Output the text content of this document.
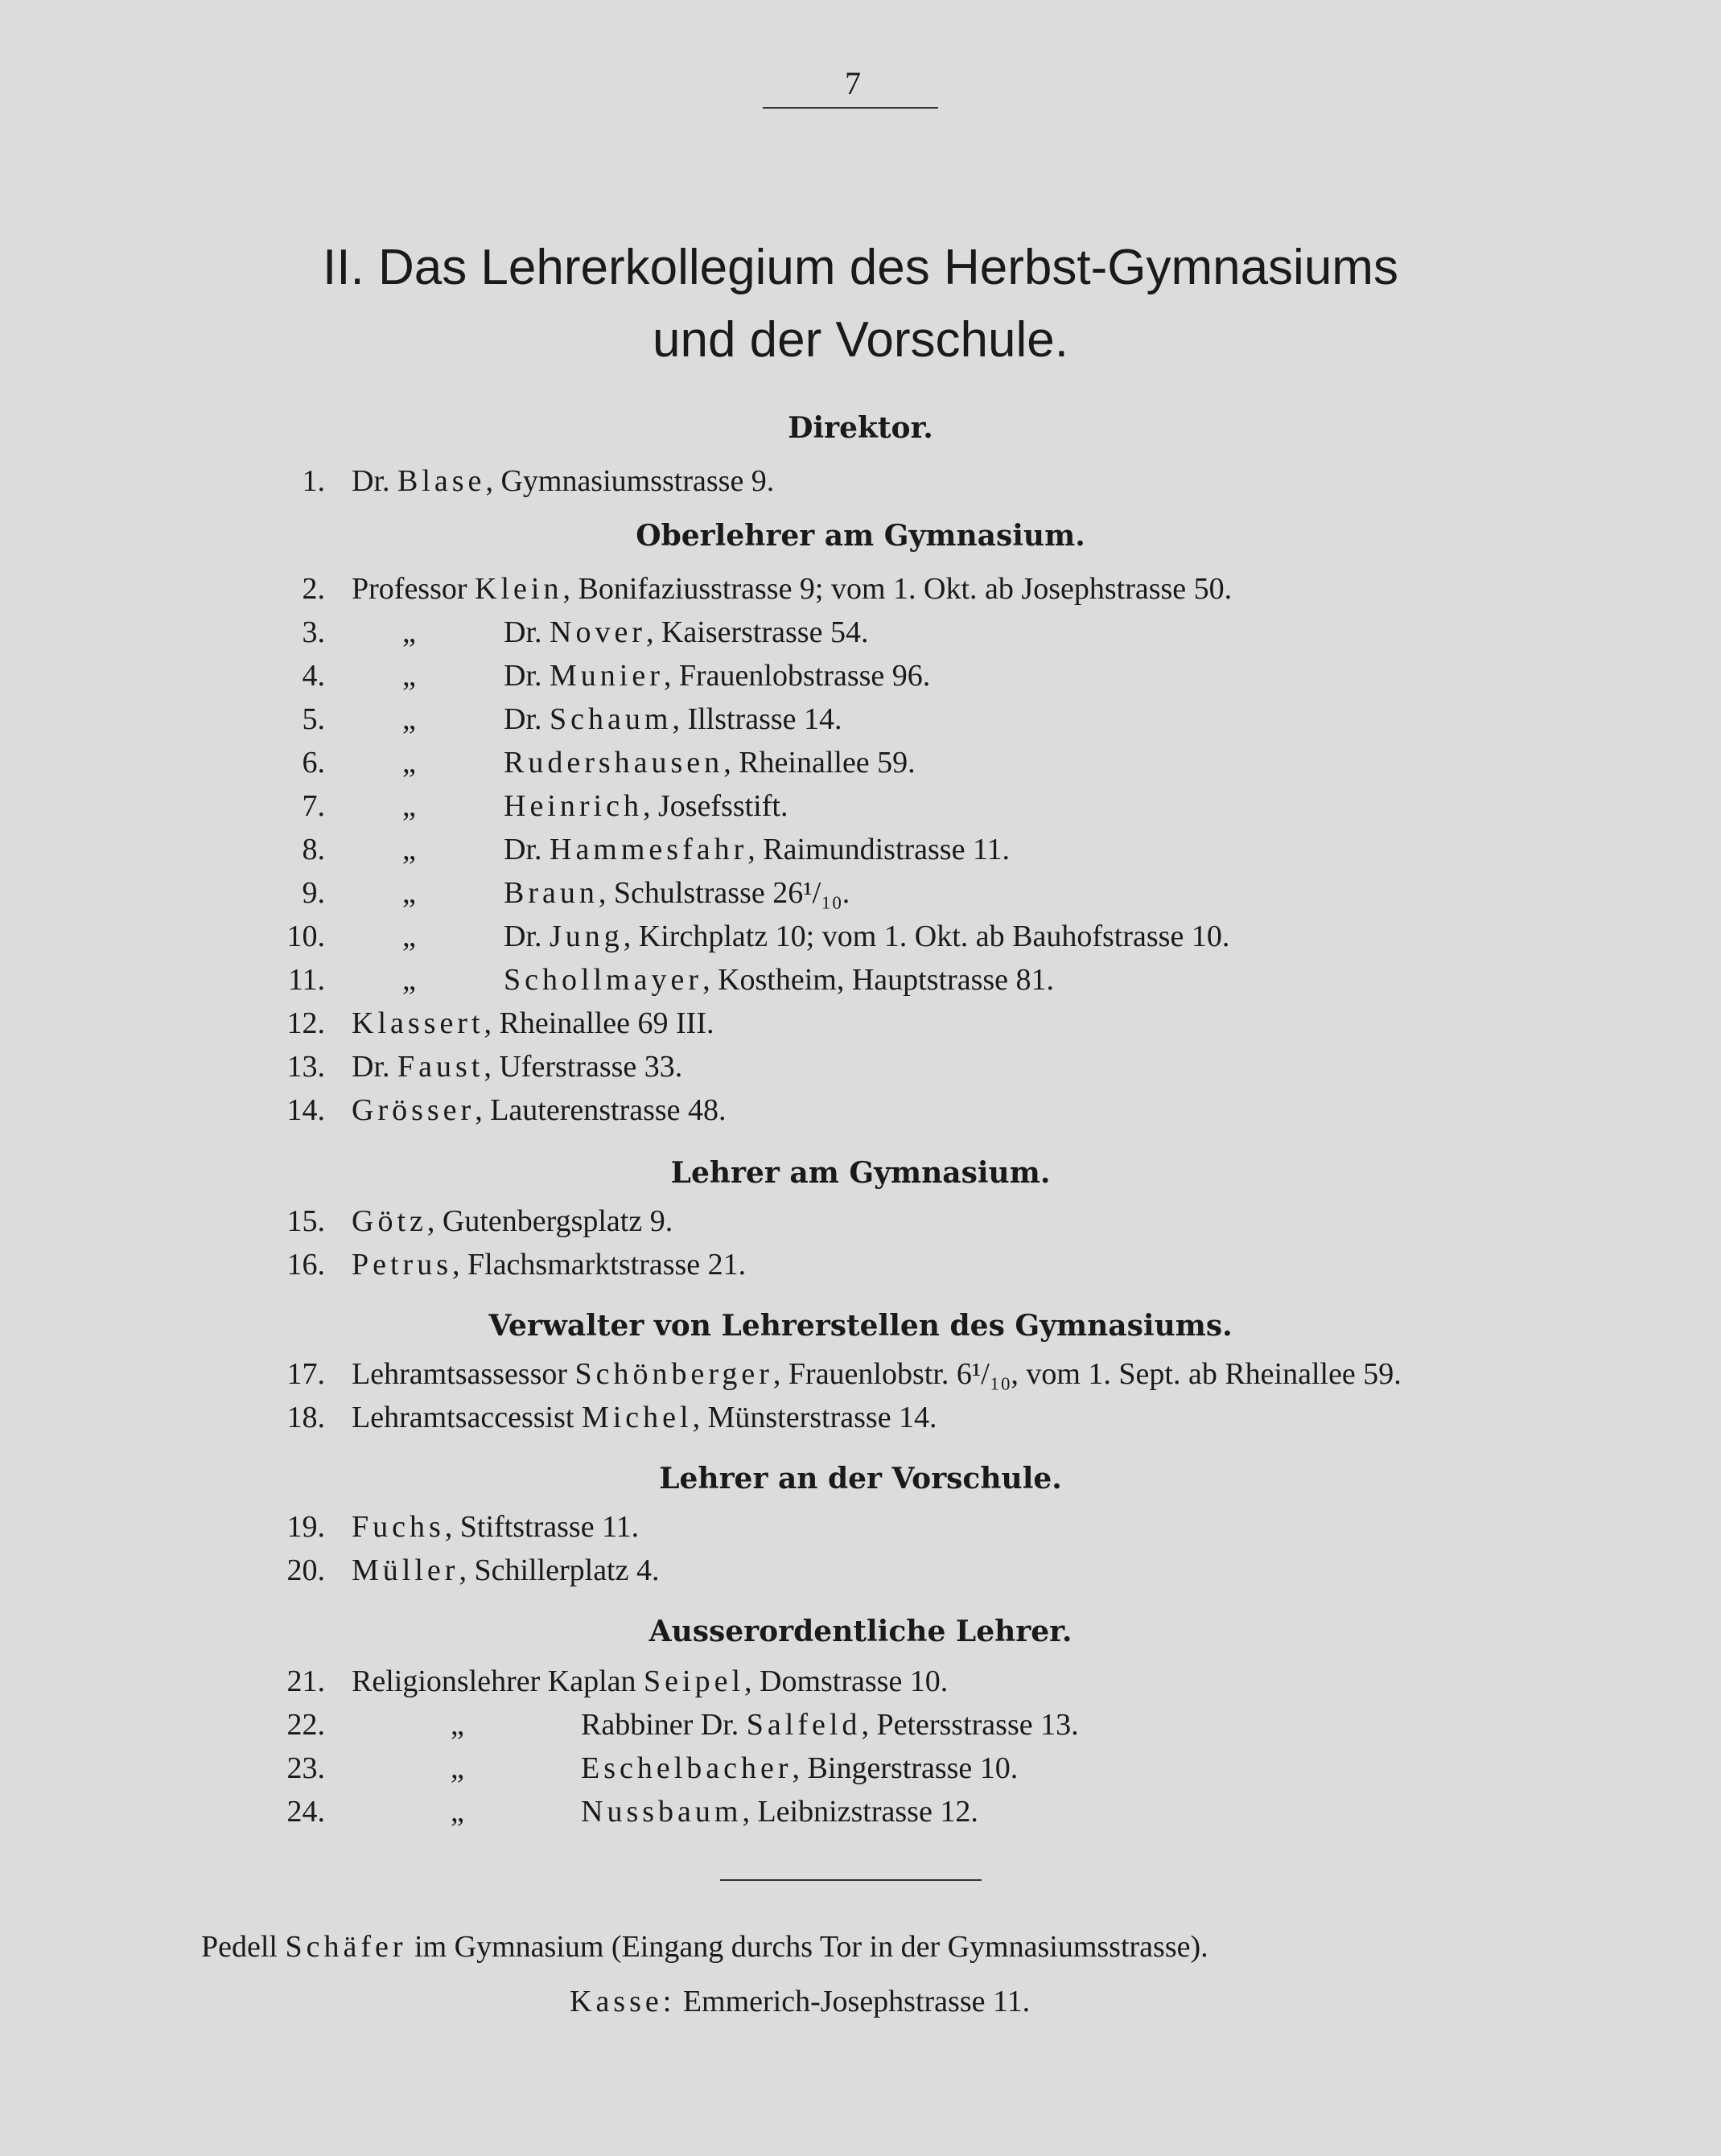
7
II. Das Lehrerkollegium des Herbst-Gymnasiums
und der Vorschule.
Direktor.
1. Dr. Blase, Gymnasiumsstrasse 9.
Oberlehrer am Gymnasium.
2. Professor Klein, Bonifaziusstrasse 9; vom 1. Okt. ab Josephstrasse 50.
3.	„	Dr. Nover, Kaiserstrasse 54.
4.	„	Dr. Munier, Frauenlobstrasse 96.
5.	„	Dr. Schaum, Illstrasse 14.
6.	„	Rudershausen, Rheinallee 59.
7.	„	Heinrich, Josefsstift.
8.	„	Dr. Hammesfahr, Raimundistrasse 11.
9.	„	Braun, Schulstrasse 26¹/₁₀.
10.	„	Dr. Jung, Kirchplatz 10; vom 1. Okt. ab Bauhofstrasse 10.
11.	„	Schollmayer, Kostheim, Hauptstrasse 81.
12. Klassert, Rheinallee 69 III.
13. Dr. Faust, Uferstrasse 33.
14. Grösser, Lauterenstrasse 48.
Lehrer am Gymnasium.
15. Götz, Gutenbergsplatz 9.
16. Petrus, Flachsmarktstrasse 21.
Verwalter von Lehrerstellen des Gymnasiums.
17. Lehramtsassessor Schönberger, Frauenlobstr. 6¹/₁₀, vom 1. Sept. ab Rheinallee 59.
18. Lehramtsaccessist Michel, Münsterstrasse 14.
Lehrer an der Vorschule.
19. Fuchs, Stiftstrasse 11.
20. Müller, Schillerplatz 4.
Ausserordentliche Lehrer.
21. Religionslehrer Kaplan Seipel, Domstrasse 10.
22.	„	Rabbiner Dr. Salfeld, Petersstrasse 13.
23.	„	Eschelbacher, Bingerstrasse 10.
24.	„	Nussbaum, Leibnizstrasse 12.
Pedell Schäfer im Gymnasium (Eingang durchs Tor in der Gymnasiumsstrasse).
Kasse: Emmerich-Josephstrasse 11.
